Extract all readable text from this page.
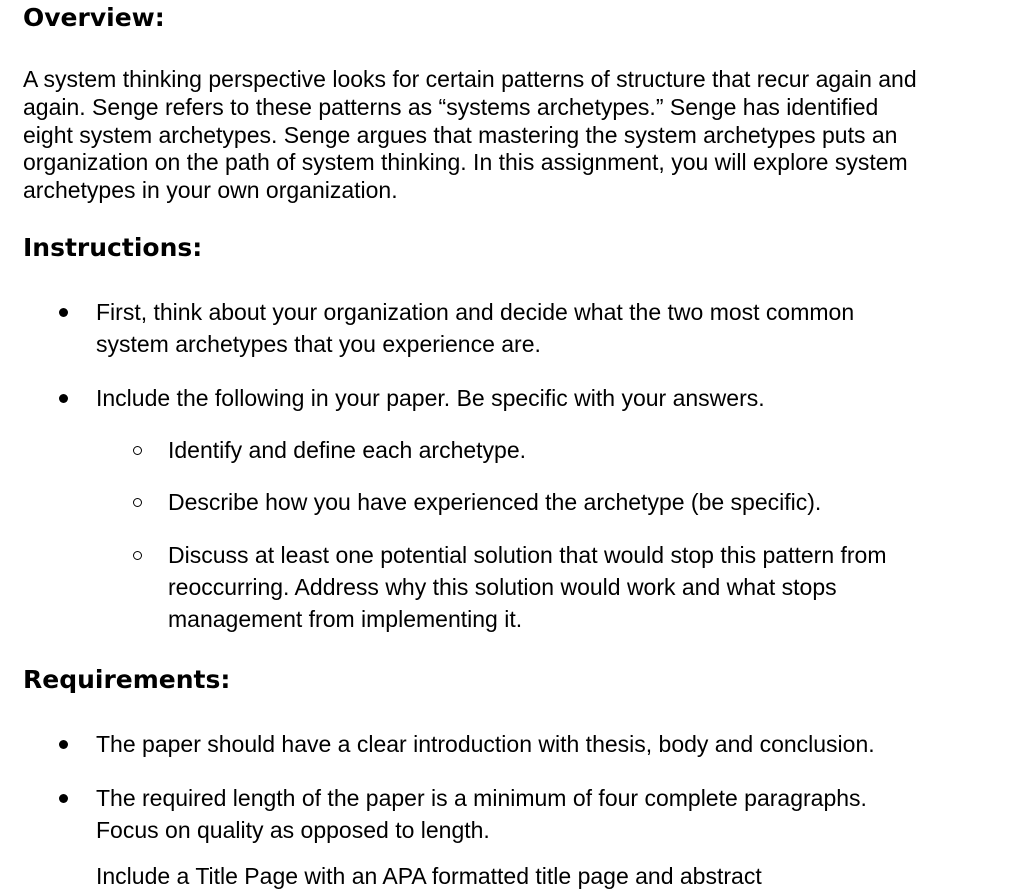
Overview:

A system thinking perspective looks for certain patterns of structure that recur again and
again. Senge refers to these patterns as “systems archetypes.” Senge has identified
eight system archetypes. Senge argues that mastering the system archetypes puts an
organization on the path of system thinking. In this assignment, you will explore system
archetypes in your own organization.

Instructions:
First, think about your organization and decide what the two most common
system archetypes that you experience are.
Include the following in your paper. Be specific with your answers.
Identify and define each archetype.
Describe how you have experienced the archetype (be specific).
Discuss at least one potential solution that would stop this pattern from
reoccurring. Address why this solution would work and what stops
management from implementing it.
Requirements:
The paper should have a clear introduction with thesis, body and conclusion.
The required length of the paper is a minimum of four complete paragraphs.
Focus on quality as opposed to length.
Include a Title Page with an APA formatted title page and abstract
